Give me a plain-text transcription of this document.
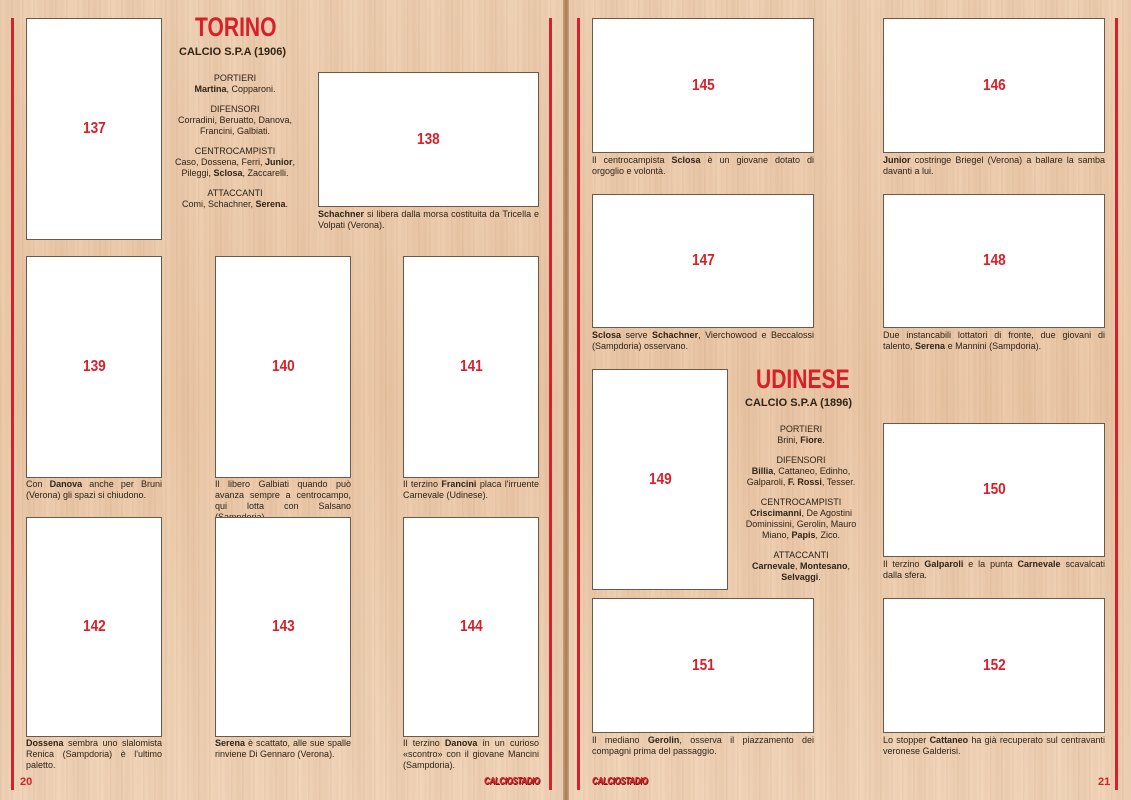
137
TORINO
CALCIO S.P.A (1906)
PORTIERI
Martina, Copparoni.
DIFENSORI
Corradini, Beruatto, Danova,
Francini, Galbiati.
CENTROCAMPISTI
Caso, Dossena, Ferri, Junior,
Pileggi, Sclosa, Zaccarelli.
ATTACCANTI
Comi, Schachner, Serena.
138
Schachner si libera dalla morsa costituita da Tricella e Volpati (Verona).
139
Con Danova anche per Bruni (Verona) gli spazi si chiudono.
140
Il libero Galbiati quando può avanza sempre a centrocampo, qui lotta con Salsano
141
Il terzino Francini placa l'irruente Carnevale (Udinese).
142
Dossena sembra uno slalomista Renica (Sampdoria) è l'ultimo paletto.
143
Serena è scattato, alle sue spalle rinviene Di Gennaro (Verona).
144
Il terzino Danova in un curioso «scontro» con il giovane Mancini (Sampdoria).
20	CALCIOSTADIO
145
Il centrocampista Sclosa è un giovane dotato di orgoglio e volontà.
146
Junior costringe Briegel (Verona) a ballare la samba davanti a lui.
147
Sclosa serve Schachner, Vierchowood e Beccalossi (Sampdoria) osservano.
148
Due instancabili lottatori di fronte, due giovani di talento, Serena e Mannini (Sampdoria).
149
UDINESE
CALCIO S.P.A (1896)
PORTIERI
Brini, Fiore.
DIFENSORI
Billia, Cattaneo, Edinho,
Galparoli, F. Rossi, Tesser.
CENTROCAMPISTI
Criscimanni, De Agostini
Dominissini, Gerolin, Mauro
Miano, Papis, Zico.
ATTACCANTI
Carnevale, Montesano,
Selvaggi.
150
Il terzino Galparoli e la punta Carnevale scavalcati dalla sfera.
151
Il mediano Gerolin, osserva il piazzamento dei compagni prima del passaggio.
152
Lo stopper Cattaneo ha già recuperato sul centravanti veronese Galderisi.
CALCIOSTADIO	21
